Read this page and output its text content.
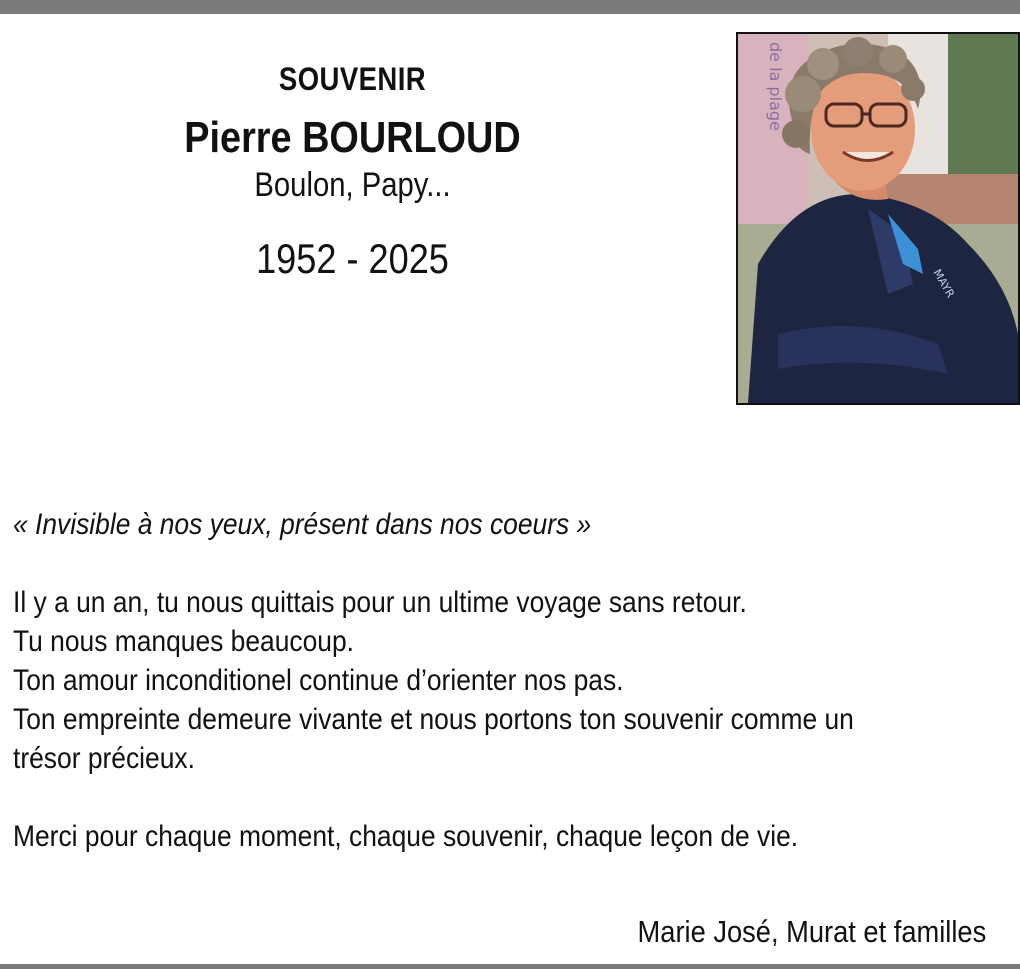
SOUVENIR
Pierre BOURLOUD
Boulon, Papy...
1952 - 2025
de la plage
MAYR
« Invisible à nos yeux, présent dans nos coeurs »
Il y a un an, tu nous quittais pour un ultime voyage sans retour.
Tu nous manques beaucoup.
Ton amour inconditionel continue d’orienter nos pas.
Ton empreinte demeure vivante et nous portons ton souvenir comme un
trésor précieux.
Merci pour chaque moment, chaque souvenir, chaque leçon de vie.
Marie José, Murat et familles
